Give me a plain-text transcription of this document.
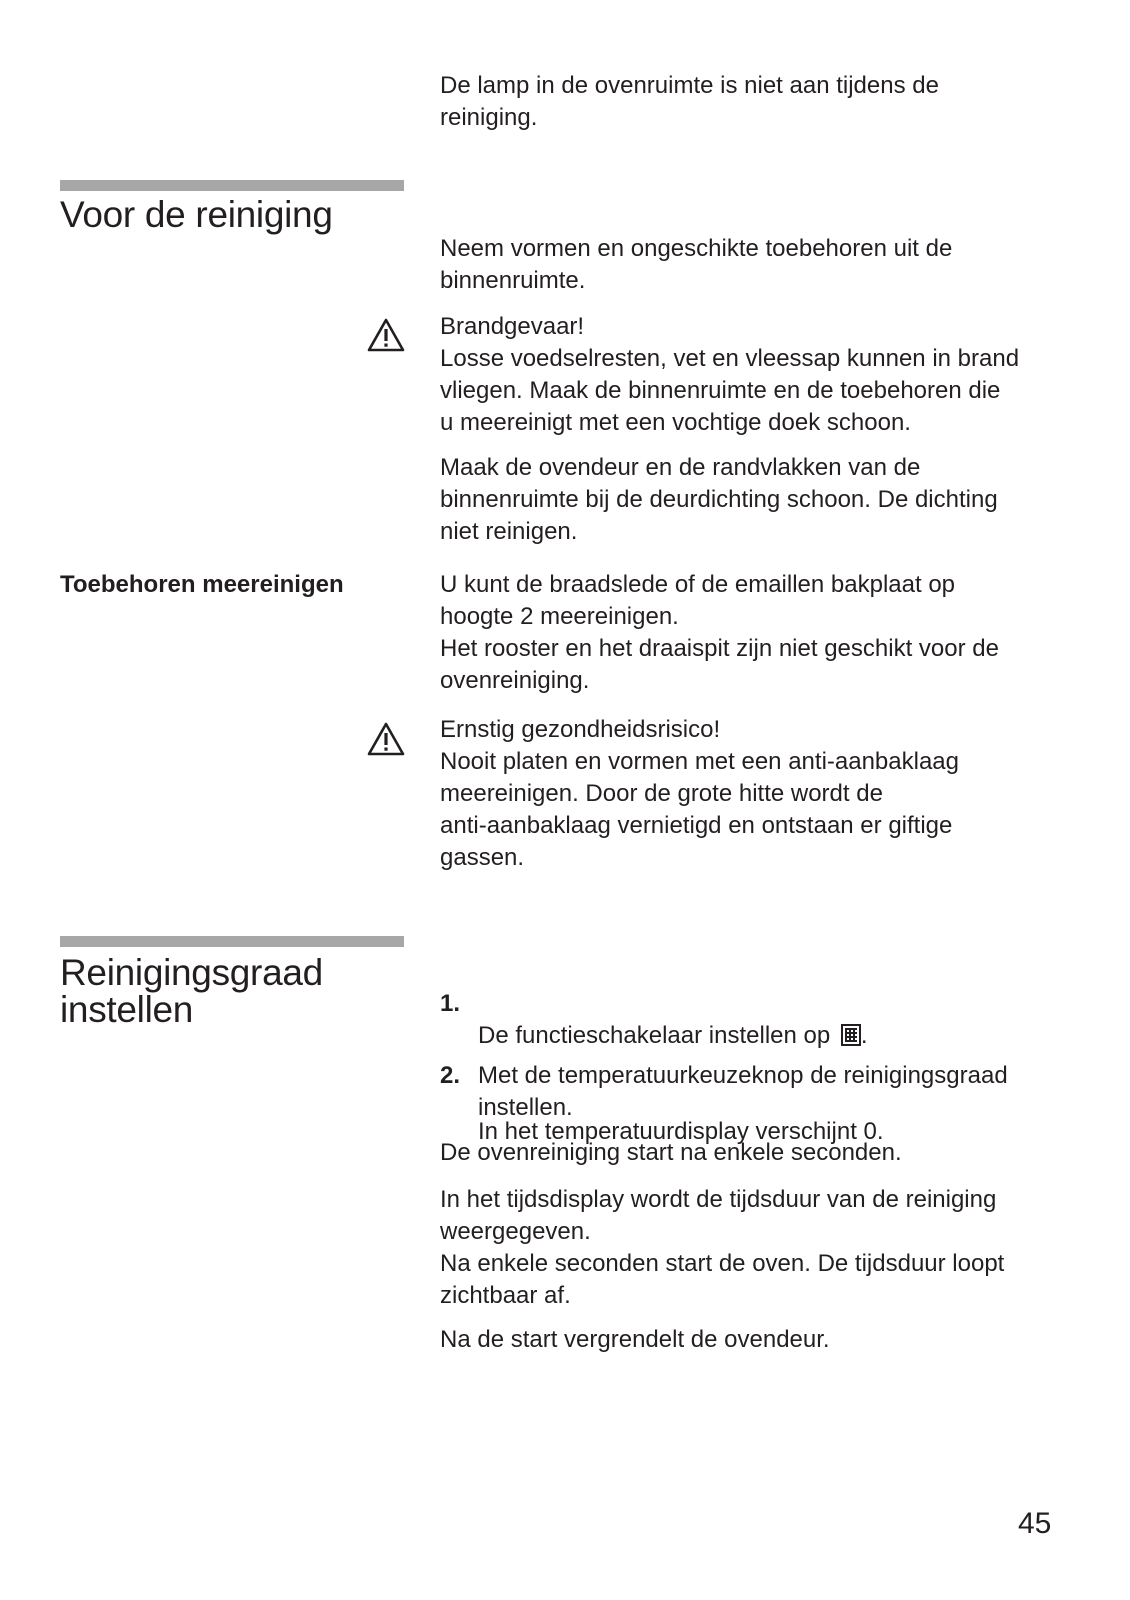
De lamp in de ovenruimte is niet aan tijdens de
reiniging.

Voor de reiniging

Neem vormen en ongeschikte toebehoren uit de
binnenruimte.

Brandgevaar!
Losse voedselresten, vet en vleessap kunnen in brand
vliegen. Maak de binnenruimte en de toebehoren die
u meereinigt met een vochtige doek schoon.

Maak de ovendeur en de randvlakken van de
binnenruimte bij de deurdichting schoon. De dichting
niet reinigen.

Toebehoren meereinigen	U kunt de braadslede of de emaillen bakplaat op
hoogte 2 meereinigen.
Het rooster en het draaispit zijn niet geschikt voor de
ovenreiniging.

Ernstig gezondheidsrisico!
Nooit platen en vormen met een anti-aanbaklaag
meereinigen. Door de grote hitte wordt de
anti-aanbaklaag vernietigd en ontstaan er giftige
gassen.

Reinigingsgraad
instellen	1.

De functieschakelaar instellen op .

In het temperatuurdisplay verschijnt 0.

2. Met de temperatuurkeuzeknop de reinigingsgraad
instellen.

De ovenreiniging start na enkele seconden.

In het tijdsdisplay wordt de tijdsduur van de reiniging
weergegeven.
Na enkele seconden start de oven. De tijdsduur loopt
zichtbaar af.

Na de start vergrendelt de ovendeur.

45
